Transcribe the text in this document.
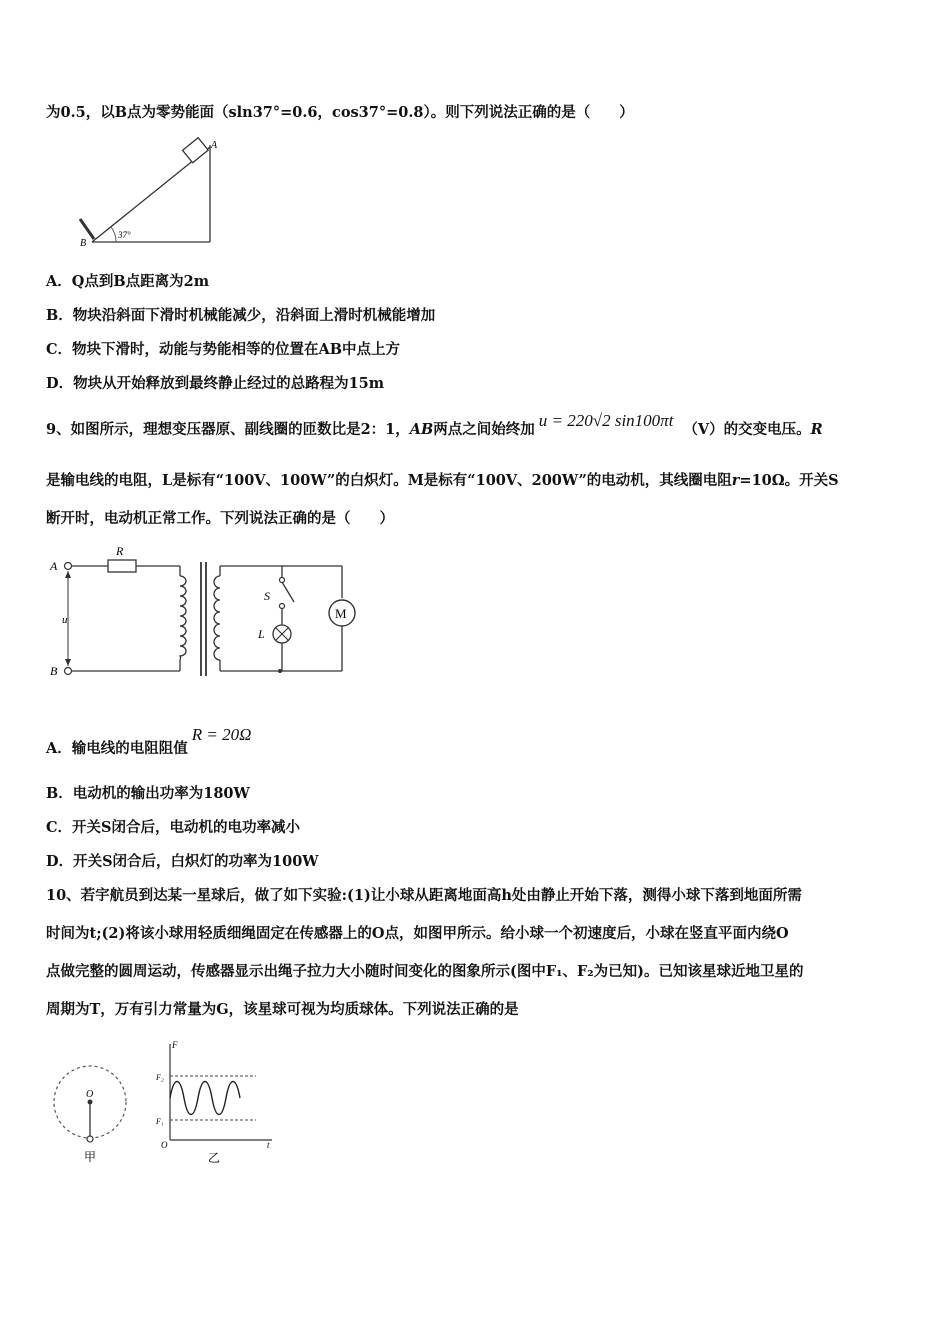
为0.5，以B点为零势能面（sln37°=0.6，cos37°=0.8）。则下列说法正确的是（　　）
A
B
37°
A．Q点到B点距离为2m
B．物块沿斜面下滑时机械能减少，沿斜面上滑时机械能增加
C．物块下滑时，动能与势能相等的位置在AB中点上方
D．物块从开始释放到最终静止经过的总路程为15m
9、如图所示，理想变压器原、副线圈的匝数比是2：1，AB两点之间始终加 u = 220√2 sin100πt （V）的交变电压。R
是输电线的电阻，L是标有“100V、100W”的白炽灯。M是标有“100V、200W”的电动机，其线圈电阻r=10Ω。开关S
断开时，电动机正常工作。下列说法正确的是（　　）
A
B
u
R
M
S
L
A．输电线的电阻阻值R = 20Ω
B．电动机的输出功率为180W
C．开关S闭合后，电动机的电功率减小
D．开关S闭合后，白炽灯的功率为100W
10、若宇航员到达某一星球后，做了如下实验:(1)让小球从距离地面高h处由静止开始下落，测得小球下落到地面所需
时间为t;(2)将该小球用轻质细绳固定在传感器上的O点，如图甲所示。给小球一个初速度后，小球在竖直平面内绕O
点做完整的圆周运动，传感器显示出绳子拉力大小随时间变化的图象所示(图中F₁、F₂为已知)。已知该星球近地卫星的
周期为T，万有引力常量为G，该星球可视为均质球体。下列说法正确的是
O
甲
F
t
O
F₂
F₁
乙
